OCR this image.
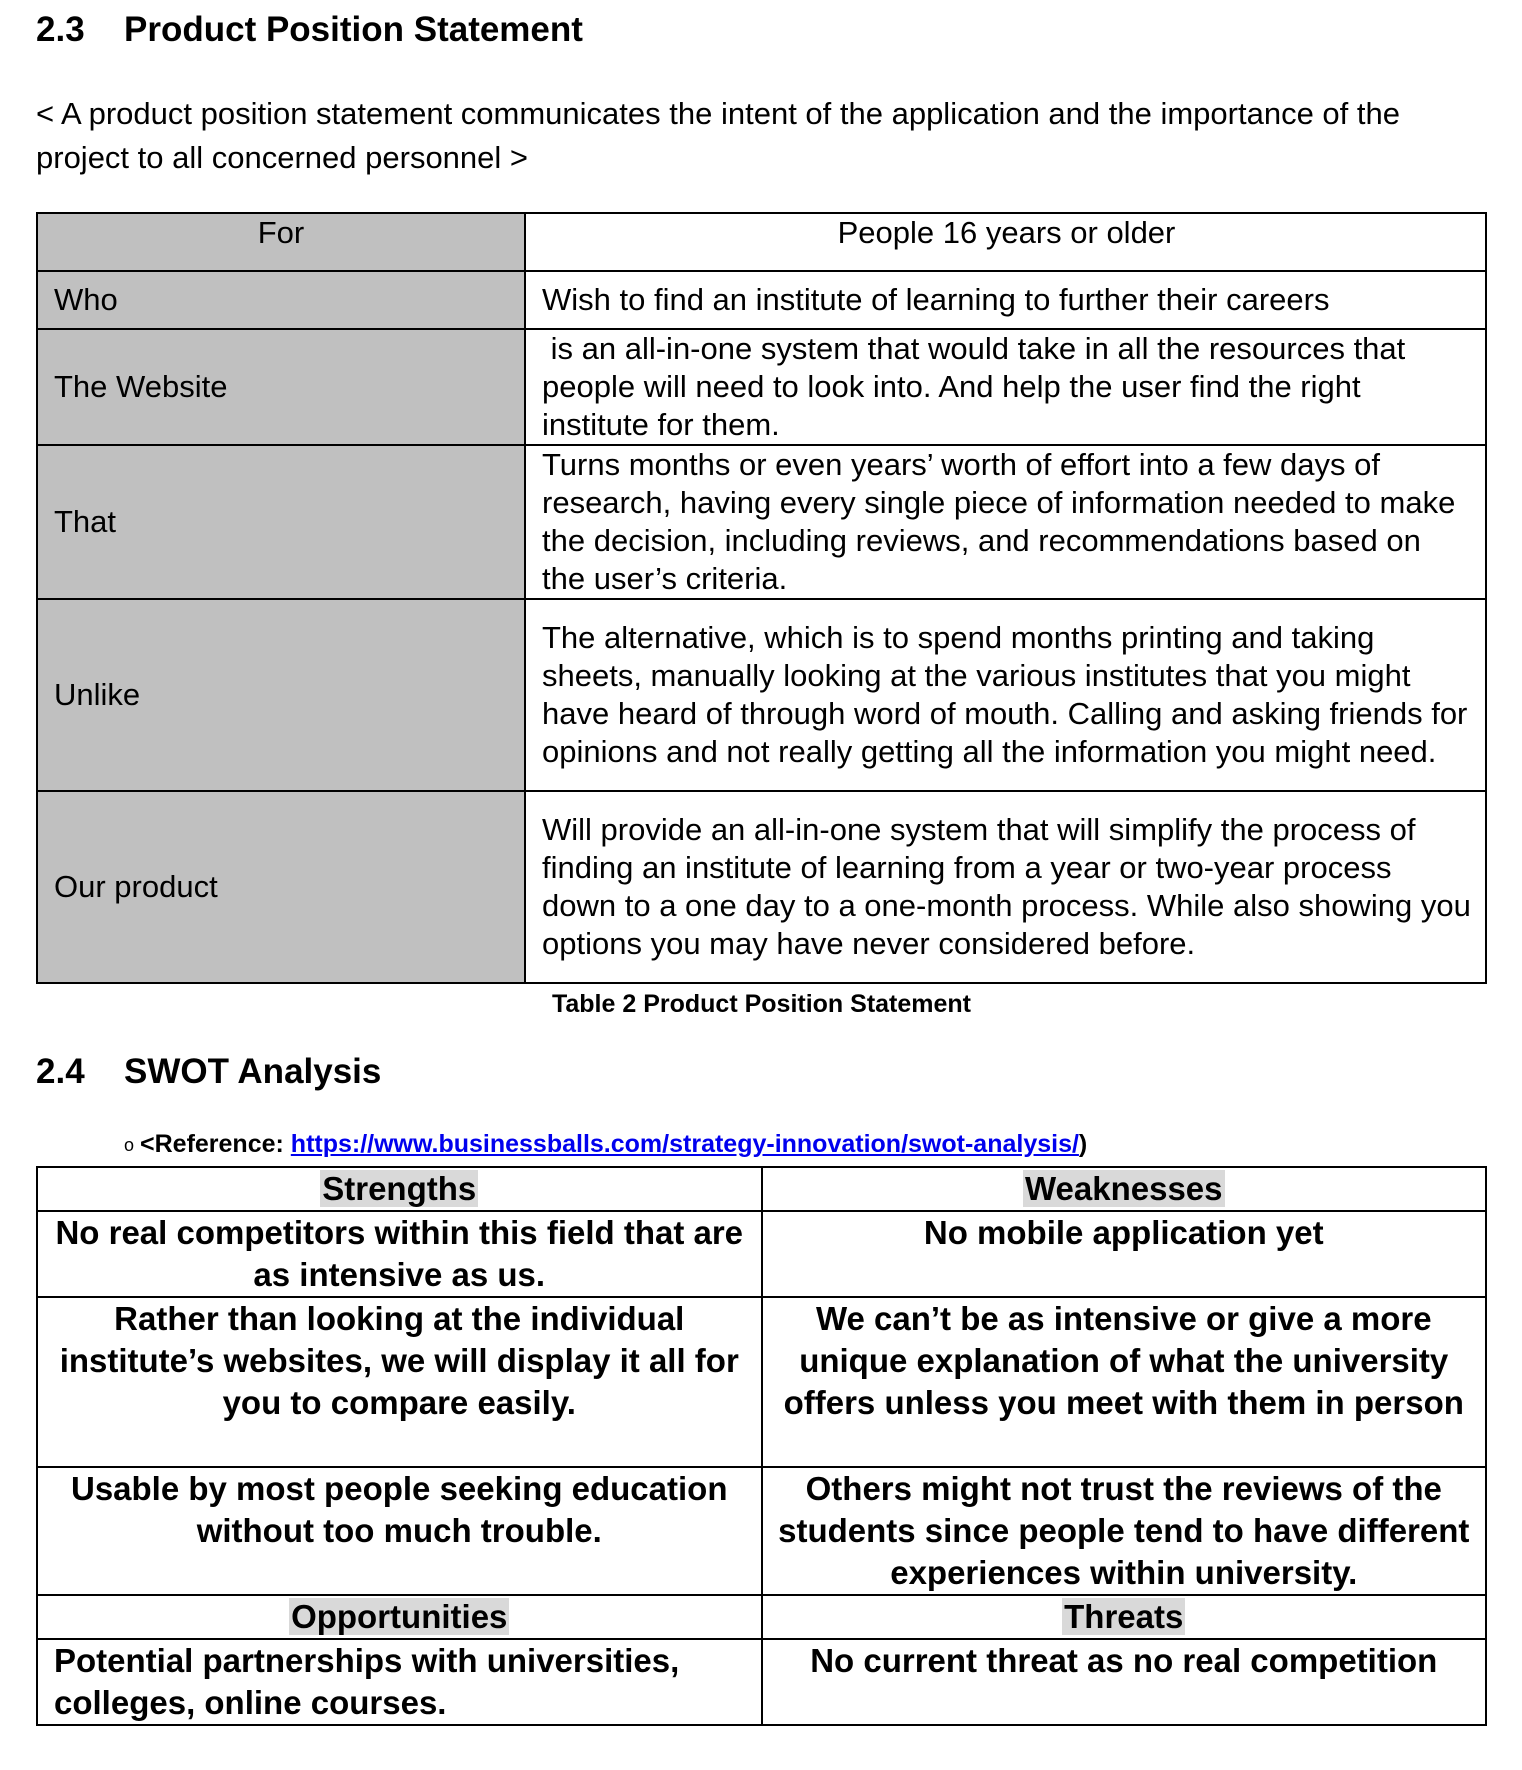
2.3 Product Position Statement
< A product position statement communicates the intent of the application and the importance of the project to all concerned personnel >
For	People 16 years or older
Who	Wish to find an institute of learning to further their careers
The Website	is an all-in-one system that would take in all the resources that people will need to look into. And help the user find the right institute for them.
That	Turns months or even years’ worth of effort into a few days of research, having every single piece of information needed to make the decision, including reviews, and recommendations based on the user’s criteria.
Unlike	The alternative, which is to spend months printing and taking sheets, manually looking at the various institutes that you might have heard of through word of mouth. Calling and asking friends for opinions and not really getting all the information you might need.
Our product	Will provide an all-in-one system that will simplify the process of finding an institute of learning from a year or two-year process down to a one day to a one-month process. While also showing you options you may have never considered before.
Table 2 Product Position Statement
2.4 SWOT Analysis
o <Reference: https://www.businessballs.com/strategy-innovation/swot-analysis/)
Strengths	Weaknesses
No real competitors within this field that are as intensive as us.	No mobile application yet
Rather than looking at the individual institute’s websites, we will display it all for you to compare easily.	We can’t be as intensive or give a more unique explanation of what the university offers unless you meet with them in person
Usable by most people seeking education without too much trouble.	Others might not trust the reviews of the students since people tend to have different experiences within university.
Opportunities	Threats
Potential partnerships with universities, colleges, online courses.	No current threat as no real competition
